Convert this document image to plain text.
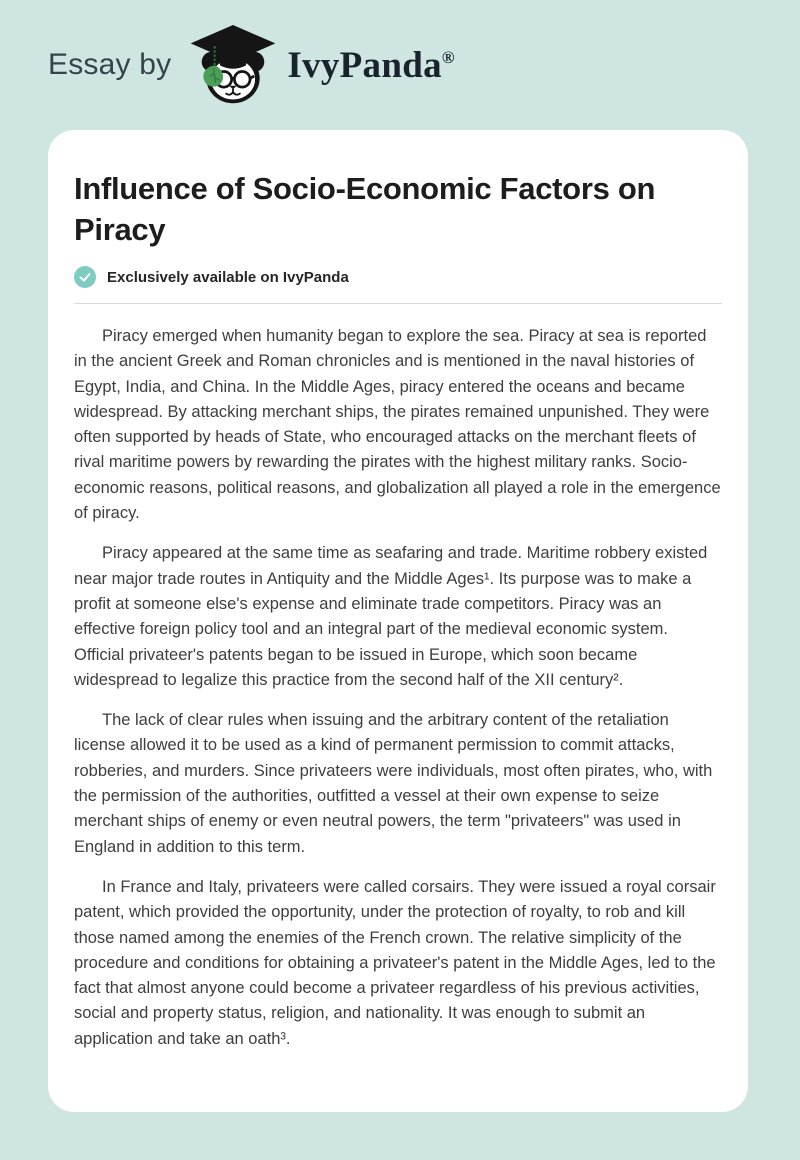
Essay by	IvyPanda®
Influence of Socio-Economic Factors on Piracy
Exclusively available on IvyPanda

Piracy emerged when humanity began to explore the sea. Piracy at sea is reported in the ancient Greek and Roman chronicles and is mentioned in the naval histories of Egypt, India, and China. In the Middle Ages, piracy entered the oceans and became widespread. By attacking merchant ships, the pirates remained unpunished. They were often supported by heads of State, who encouraged attacks on the merchant fleets of rival maritime powers by rewarding the pirates with the highest military ranks. Socio-economic reasons, political reasons, and globalization all played a role in the emergence of piracy.

Piracy appeared at the same time as seafaring and trade. Maritime robbery existed near major trade routes in Antiquity and the Middle Ages¹. Its purpose was to make a profit at someone else's expense and eliminate trade competitors. Piracy was an effective foreign policy tool and an integral part of the medieval economic system. Official privateer's patents began to be issued in Europe, which soon became widespread to legalize this practice from the second half of the XII century².

The lack of clear rules when issuing and the arbitrary content of the retaliation license allowed it to be used as a kind of permanent permission to commit attacks, robberies, and murders. Since privateers were individuals, most often pirates, who, with the permission of the authorities, outfitted a vessel at their own expense to seize merchant ships of enemy or even neutral powers, the term "privateers" was used in England in addition to this term.

In France and Italy, privateers were called corsairs. They were issued a royal corsair patent, which provided the opportunity, under the protection of royalty, to rob and kill those named among the enemies of the French crown. The relative simplicity of the procedure and conditions for obtaining a privateer's patent in the Middle Ages, led to the fact that almost anyone could become a privateer regardless of his previous activities, social and property status, religion, and nationality. It was enough to submit an application and take an oath³.
